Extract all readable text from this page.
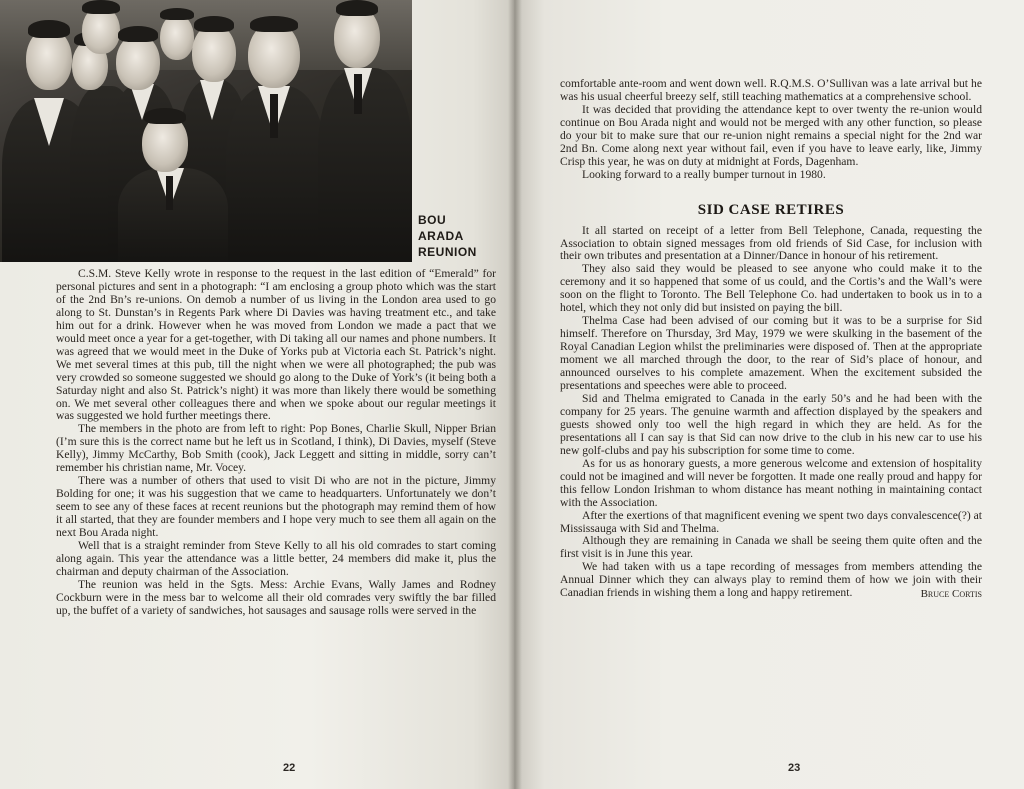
BOU
ARADA
REUNION
C.S.M. Steve Kelly wrote in response to the request in the last edition of “Emerald” for personal pictures and sent in a photograph: “I am enclosing a group photo which was the start of the 2nd Bn’s re-unions. On demob a number of us living in the London area used to go along to St. Dunstan’s in Regents Park where Di Davies was having treatment etc., and take him out for a drink. However when he was moved from London we made a pact that we would meet once a year for a get-together, with Di taking all our names and phone numbers. It was agreed that we would meet in the Duke of Yorks pub at Victoria each St. Patrick’s night. We met several times at this pub, till the night when we were all photographed; the pub was very crowded so someone suggested we should go along to the Duke of York’s (it being both a Saturday night and also St. Patrick’s night) it was more than likely there would be something on. We met several other colleagues there and when we spoke about our regular meetings it was suggested we hold further meetings there.
The members in the photo are from left to right: Pop Bones, Charlie Skull, Nipper Brian (I’m sure this is the correct name but he left us in Scotland, I think), Di Davies, myself (Steve Kelly), Jimmy McCarthy, Bob Smith (cook), Jack Leggett and sitting in middle, sorry can’t remember his christian name, Mr. Vocey.
There was a number of others that used to visit Di who are not in the picture, Jimmy Bolding for one; it was his suggestion that we came to headquarters. Unfortunately we don’t seem to see any of these faces at recent reunions but the photograph may remind them of how it all started, that they are founder members and I hope very much to see them all again on the next Bou Arada night.
Well that is a straight reminder from Steve Kelly to all his old comrades to start coming along again. This year the attendance was a little better, 24 members did make it, plus the chairman and deputy chairman of the Association.
The reunion was held in the Sgts. Mess: Archie Evans, Wally James and Rodney Cockburn were in the mess bar to welcome all their old comrades very swiftly the bar filled up, the buffet of a variety of sandwiches, hot sausages and sausage rolls were served in the
22
comfortable ante-room and went down well. R.Q.M.S. O’Sullivan was a late arrival but he was his usual cheerful breezy self, still teaching mathematics at a comprehensive school.
It was decided that providing the attendance kept to over twenty the re-union would continue on Bou Arada night and would not be merged with any other function, so please do your bit to make sure that our re-union night remains a special night for the 2nd war 2nd Bn. Come along next year without fail, even if you have to leave early, like, Jimmy Crisp this year, he was on duty at midnight at Fords, Dagenham.
Looking forward to a really bumper turnout in 1980.
SID CASE RETIRES
It all started on receipt of a letter from Bell Telephone, Canada, requesting the Association to obtain signed messages from old friends of Sid Case, for inclusion with their own tributes and presentation at a Dinner/Dance in honour of his retirement.
They also said they would be pleased to see anyone who could make it to the ceremony and it so happened that some of us could, and the Cortis’s and the Wall’s were soon on the flight to Toronto. The Bell Telephone Co. had undertaken to book us in to a hotel, which they not only did but insisted on paying the bill.
Thelma Case had been advised of our coming but it was to be a surprise for Sid himself. Therefore on Thursday, 3rd May, 1979 we were skulking in the basement of the Royal Canadian Legion whilst the preliminaries were disposed of. Then at the appropriate moment we all marched through the door, to the rear of Sid’s place of honour, and announced ourselves to his complete amazement. When the excitement subsided the presentations and speeches were able to proceed.
Sid and Thelma emigrated to Canada in the early 50’s and he had been with the company for 25 years. The genuine warmth and affection displayed by the speakers and guests showed only too well the high regard in which they are held. As for the presentations all I can say is that Sid can now drive to the club in his new car to use his new golf-clubs and pay his subscription for some time to come.
As for us as honorary guests, a more generous welcome and extension of hospitality could not be imagined and will never be forgotten. It made one really proud and happy for this fellow London Irishman to whom distance has meant nothing in maintaining contact with the Association.
After the exertions of that magnificent evening we spent two days convalescence(?) at Mississauga with Sid and Thelma.
Although they are remaining in Canada we shall be seeing them quite often and the first visit is in June this year.
We had taken with us a tape recording of messages from members attending the Annual Dinner which they can always play to remind them of how we join with their Canadian friends in wishing them a long and happy retirement.	Bruce Cortis
23
